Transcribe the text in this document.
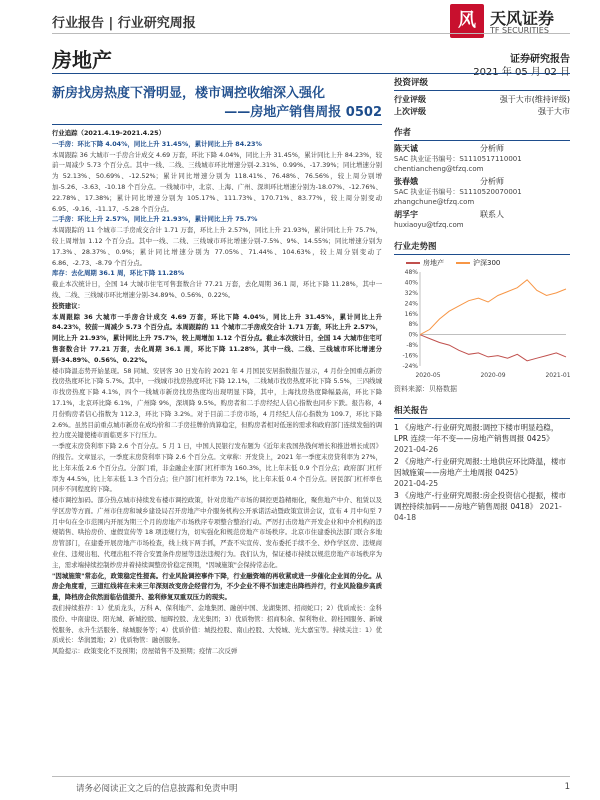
行业报告 | 行业研究周报	风 天风证券
TF SECURITIES
房地产	证券研究报告
2021 年 05 月 02 日
新房找房热度下滑明显，楼市调控收缩深入强化
——房地产销售周报 0502

行业追踪（2021.4.19-2021.4.25）

一手房：环比下降 4.04%，同比上升 31.45%，累计同比上升 84.23%

本周跟踪 36 大城市一手房合计成交 4.69 万套，环比下降 4.04%，同比上升 31.45%，累计同比上升 84.23%，较前一周减少 5.73 个百分点。其中一线、二线、三线城市环比增速分别-2.31%、0.99%、-17.39%；同比增速分别为 52.13%、50.69%、-12.52%；累计同比增速分别为 118.41%、76.48%、76.56%，较上周分别增加-5.26、-3.63、-10.18 个百分点。一线城市中，北京、上海、广州、深圳环比增速分别为-18.07%、-12.76%、22.78%、17.38%；累计同比增速分别为 105.17%、111.73%、170.71%、83.77%，较上周分别变动 6.95、-9.16、-11.17、-5.28 个百分点。

二手房：环比上升 2.57%，同比上升 21.93%，累计同比上升 75.7%

本周跟踪的 11 个城市二手房成交合计 1.71 万套，环比上升 2.57%，同比上升 21.93%，累计同比上升 75.7%，较上周增加 1.12 个百分点。其中一线、二线、三线城市环比增速分别-7.5%、9%、14.55%；同比增速分别为 17.3%、28.37%、0.9%；累计同比增速分别为 77.05%、71.44%、104.63%，较上周分别变动了 6.86、-2.73、-8.79 个百分点。

库存：去化周期 36.1 周，环比下降 11.28%

截止本次统计日，全国 14 大城市住宅可售套数合计 77.21 万套，去化周期 36.1 周，环比下降 11.28%，其中一线、二线、三线城市环比增速分别-34.89%、0.56%、0.22%。

投资建议：

本周跟踪 36 大城市一手房合计成交 4.69 万套，环比下降 4.04%，同比上升 31.45%，累计同比上升 84.23%，较前一周减少 5.73 个百分点。本周跟踪的 11 个城市二手房成交合计 1.71 万套，环比上升 2.57%，同比上升 21.93%，累计同比上升 75.7%，较上周增加 1.12 个百分点。截止本次统计日，全国 14 大城市住宅可售套数合计 77.21 万套，去化周期 36.1 周，环比下降 11.28%，其中一线、二线、三线城市环比增速分别-34.89%、0.56%、0.22%。

楼市降温态势开始显现。58 同城、安居客 30 日发布的 2021 年 4 月国民安居指数报告显示，4 月份全国重点新房找房热度环比下降 5.7%。其中，一线城市找房热度环比下降 12.1%，二线城市找房热度环比下降 5.5%，三四线城市找房热度下降 4.1%，四个一线城市新房找房热度均出现明显下降，其中，上海找房热度降幅最高，环比下降 17.1%，北京环比降 6.1%，广州降 9%，深圳降 9.5%。购房者和二手房经纪人信心指数也同步下跌。报告称，4 月份购房者信心指数为 112.3，环比下降 3.2%。对于目前二手房市场，4 月经纪人信心指数为 109.7，环比下降 2.6%。虽然目前重点城市新房在成均价和二手房挂牌价尚算稳定，但购房者相对低迷的需求和政府部门连续发强的调控力度关键使楼市面临更多下行压力。

一季度末房贷利率下降 2.6 个百分点。5 月 1 日，中国人民银行发布题为《近年来我国热钱何增长和推进增长成因》的报告。文章显示，一季度末房贷利率下降 2.6 个百分点。文章称：开发贷上，2021 年一季度末房贷利率为 27%，比上年末低 2.6 个百分点。分部门看，非金融企业部门杠杆率为 160.3%，比上年末低 0.9 个百分点；政府部门杠杆率为 44.5%，比上年末低 1.3 个百分点；住户部门杠杆率为 72.1%，比上年末低 0.4 个百分点。居民部门杠杆率也同步不同程度的下降。

楼市调控加码。部分热点城市持续发布楼市调控政策，针对房地产市场的调控更趋精细化，聚焦地产中介、租赁以及学区房等方面。广州市住房和城乡建设局召开房地产中介服务机构公开承诺活动暨政策宣讲会议，宣布 4 月中旬至 7 月中旬在全市范围内开展为期三个月的房地产市场秩序专项整合整治行动。严厉打击房地产开发企业和中介机构的违规销售、哄抬房价、虚假宣传等 18 项违规行为，切实强化和规范房地产市场秩序。北京市住建委执法部门联合多地房管部门，在建委开展房地产市场检查，线上线下两手抓，严查不实宣传、发布委托手续不全、炒作学区房、违规商业住、违规出租、代理出租不符合安置条件房屋等违法违规行为。我们认为，保证楼市持续以规范房地产市场秩序为主，需求端持续控制炒房并着持续调整房价稳定预期，"因城施策"会保持常态化。

"因城施策"常态化，政策稳定性提高。行业风险调控事件下降，行业融资端的再收紧或进一步催化企业间的分化。从房企角度看，三道红线将在未来三年深刻改变房企经营行为，不少企业不得不加速走出降档并行，行业风险稳步高质量，降档房企依然面临估值提升、盈利修复双重双压力的现实。

我们持续推荐：1）优质龙头，万科 A、保利地产、金地集团、融创中国、龙湖集团、招商蛇口；2）优质成长：金科股份、中南建设、阳光城、新城控股、旭辉控股、龙光集团；3）优质物管：招商积余、保利物业、碧桂园服务、新城悦服务、永升生活服务、绿城服务等；4）优质价值：城投控股、南山控股、大悦城、光大嘉宝等。持续关注：1）优质成长：华润置地；2）优质物管：融创服务。

风险提示：政策变化不及预期；房屋销售不及预期；疫情二次反弹

投资评级
行业评级	强于大市(维持评级)
上次评级	强于大市
作者
陈天诚	分析师
SAC 执业证书编号：S1110517110001
chentiancheng@tfzq.com
张春娥	分析师
SAC 执业证书编号：S1110520070001
zhangchune@tfzq.com
胡孚宇	联系人
huxiaoyu@tfzq.com
行业走势图
房地产	沪深300
48%
40%
32%
24%
16%
8%
0%
-8%
-16%
-24%
2020-05	2020-09	2021-01
资料来源：贝格数据
相关报告
1 《房地产-行业研究周报:调控下楼市明显趋稳，LPR 连续一年不变——房地产销售周报 0425》
2021-04-26
2 《房地产-行业研究周报:土地供应环比降温，楼市因城施策——房地产土地周报 0425》
2021-04-25
3 《房地产-行业研究周报:房企投资信心提振，楼市调控持续加码——房地产销售周报 0418》 2021-04-18
请务必阅读正文之后的信息披露和免责申明	1
